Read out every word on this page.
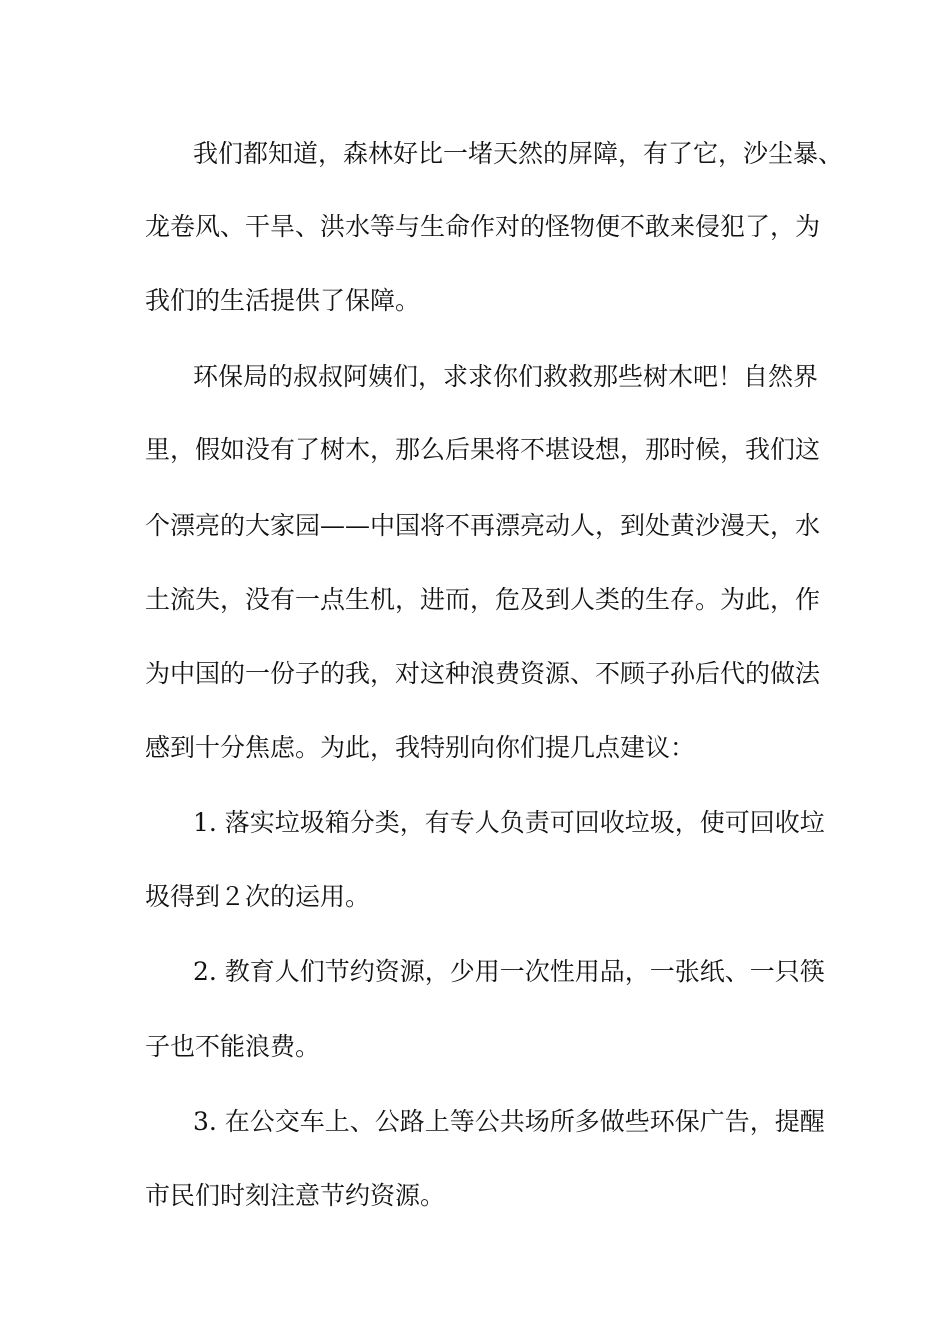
我们都知道，森林好比一堵天然的屏障，有了它，沙尘暴、
龙卷风、干旱、洪水等与生命作对的怪物便不敢来侵犯了，为
我们的生活提供了保障。
环保局的叔叔阿姨们，求求你们救救那些树木吧！自然界
里，假如没有了树木，那么后果将不堪设想，那时候，我们这
个漂亮的大家园——中国将不再漂亮动人，到处黄沙漫天，水
土流失，没有一点生机，进而，危及到人类的生存。为此，作
为中国的一份子的我，对这种浪费资源、不顾子孙后代的做法
感到十分焦虑。为此，我特别向你们提几点建议：
1. 落实垃圾箱分类，有专人负责可回收垃圾，使可回收垃
圾得到２次的运用。
2. 教育人们节约资源，少用一次性用品，一张纸、一只筷
子也不能浪费。
3. 在公交车上、公路上等公共场所多做些环保广告，提醒
市民们时刻注意节约资源。
